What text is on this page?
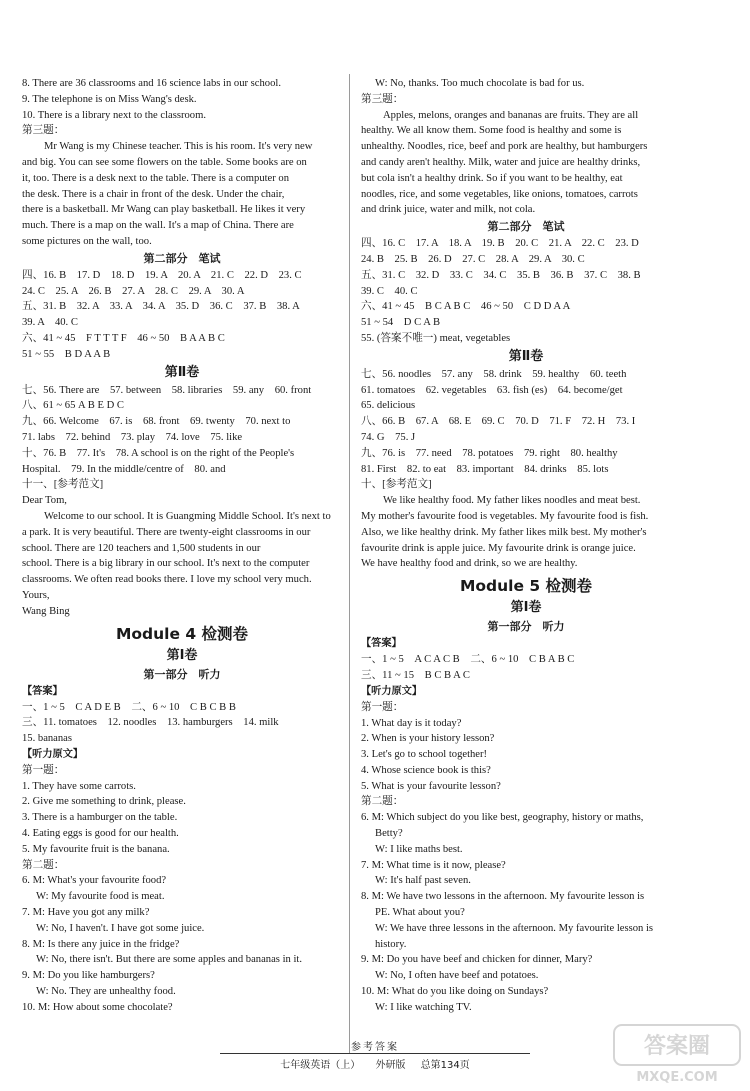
8. There are 36 classrooms and 16 science labs in our school.
9. The telephone is on Miss Wang's desk.
10. There is a library next to the classroom.
第三题：
Mr Wang is my Chinese teacher. This is his room. It's very new
and big. You can see some flowers on the table. Some books are on
it, too. There is a desk next to the table. There is a computer on
the desk. There is a chair in front of the desk. Under the chair,
there is a basketball. Mr Wang can play basketball. He likes it very
much. There is a map on the wall. It's a map of China. There are
some pictures on the wall, too.
第二部分　笔试
四、16. B　17. D　18. D　19. A　20. A　21. C　22. D　23. C
24. C　25. A　26. B　27. A　28. C　29. A　30. A
五、31. B　32. A　33. A　34. A　35. D　36. C　37. B　38. A
39. A　40. C
六、41 ~ 45　F T T T F　46 ~ 50　B A A B C
51 ~ 55　B D A A B
第Ⅱ卷
七、56. There are　57. between　58. libraries　59. any　60. front
八、61 ~ 65 A B E D C
九、66. Welcome　67. is　68. front　69. twenty　70. next to
71. labs　72. behind　73. play　74. love　75. like
十、76. B　77. It's　78. A school is on the right of the People's
Hospital.　79. In the middle/centre of　80. and
十一、[参考范文]
Dear Tom,
Welcome to our school. It is Guangming Middle School. It's next to
a park. It is very beautiful. There are twenty-eight classrooms in our
school. There are 120 teachers and 1,500 students in our
school. There is a big library in our school. It's next to the computer
classrooms. We often read books there. I love my school very much.
Yours,
Wang Bing
Module 4 检测卷
第Ⅰ卷
第一部分　听力
【答案】
一、1 ~ 5　C A D E B　二、6 ~ 10　C B C B B
三、11. tomatoes　12. noodles　13. hamburgers　14. milk
15. bananas
【听力原文】
第一题：
1. They have some carrots.
2. Give me something to drink, please.
3. There is a hamburger on the table.
4. Eating eggs is good for our health.
5. My favourite fruit is the banana.
第二题：
6. M: What's your favourite food?
W: My favourite food is meat.
7. M: Have you got any milk?
W: No, I haven't. I have got some juice.
8. M: Is there any juice in the fridge?
W: No, there isn't. But there are some apples and bananas in it.
9. M: Do you like hamburgers?
W: No. They are unhealthy food.
10. M: How about some chocolate?
W: No, thanks. Too much chocolate is bad for us.
第三题：
Apples, melons, oranges and bananas are fruits. They are all
healthy. We all know them. Some food is healthy and some is
unhealthy. Noodles, rice, beef and pork are healthy, but hamburgers
and candy aren't healthy. Milk, water and juice are healthy drinks,
but cola isn't a healthy drink. So if you want to be healthy, eat
noodles, rice, and some vegetables, like onions, tomatoes, carrots
and drink juice, water and milk, not cola.
第二部分　笔试
四、16. C　17. A　18. A　19. B　20. C　21. A　22. C　23. D
24. B　25. B　26. D　27. C　28. A　29. A　30. C
五、31. C　32. D　33. C　34. C　35. B　36. B　37. C　38. B
39. C　40. C
六、41 ~ 45　B C A B C　46 ~ 50　C D D A A
51 ~ 54　D C A B
55. (答案不唯一) meat, vegetables
第Ⅱ卷
七、56. noodles　57. any　58. drink　59. healthy　60. teeth
61. tomatoes　62. vegetables　63. fish (es)　64. become/get
65. delicious
八、66. B　67. A　68. E　69. C　70. D　71. F　72. H　73. I
74. G　75. J
九、76. is　77. need　78. potatoes　79. right　80. healthy
81. First　82. to eat　83. important　84. drinks　85. lots
十、[参考范文]
We like healthy food. My father likes noodles and meat best.
My mother's favourite food is vegetables. My favourite food is fish.
Also, we like healthy drink. My father likes milk best. My mother's
favourite drink is apple juice. My favourite drink is orange juice.
We have healthy food and drink, so we are healthy.
Module 5 检测卷
第Ⅰ卷
第一部分　听力
【答案】
一、1 ~ 5　A C A C B　二、6 ~ 10　C B A B C
三、11 ~ 15　B C B A C
【听力原文】
第一题：
1. What day is it today?
2. When is your history lesson?
3. Let's go to school together!
4. Whose science book is this?
5. What is your favourite lesson?
第二题：
6. M: Which subject do you like best, geography, history or maths,
Betty?
W: I like maths best.
7. M: What time is it now, please?
W: It's half past seven.
8. M: We have two lessons in the afternoon. My favourite lesson is
PE. What about you?
W: We have three lessons in the afternoon. My favourite lesson is
history.
9. M: Do you have beef and chicken for dinner, Mary?
W: No, I often have beef and potatoes.
10. M: What do you like doing on Sundays?
W: I like watching TV.
参考答案
七年级英语（上） 外研版 总第134页
答案圈
MXQE.COM
